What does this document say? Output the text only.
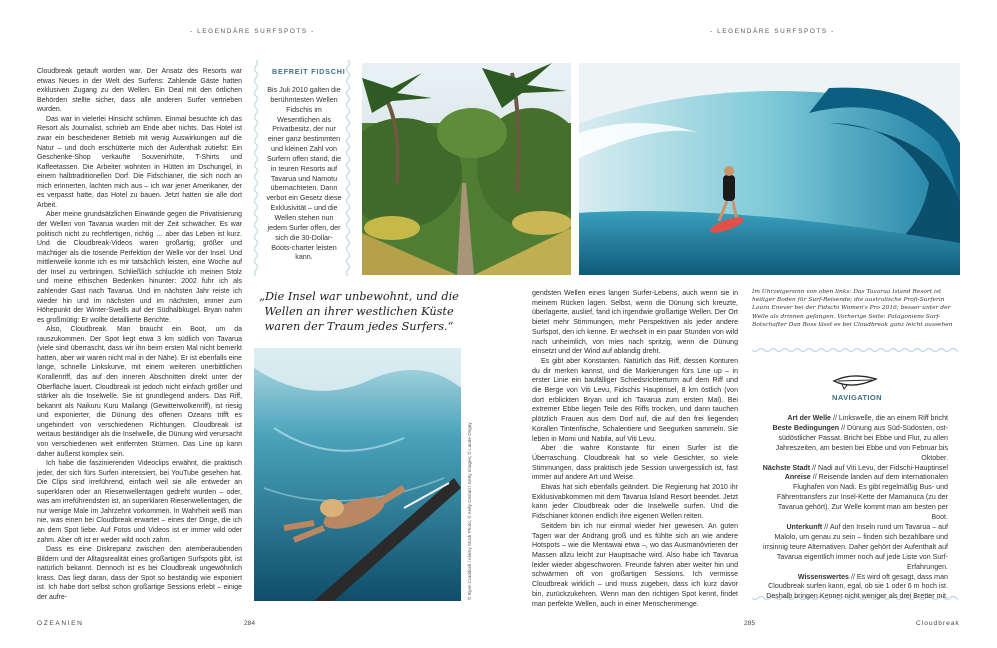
- LEGENDÄRE SURFSPOTS -	- LEGENDÄRE SURFSPOTS -

Cloudbreak getauft worden war. Der Ansatz des Resorts war etwas Neues in der Welt des Surfens: Zahlende Gäste hatten exklusiven Zugang zu den Wellen. Ein Deal mit den örtlichen Behörden stellte sicher, dass alle anderen Surfer vertrieben wurden.

Das war in vielerlei Hinsicht schlimm. Einmal besuchte ich das Resort als Journalist, schrieb am Ende aber nichts. Das Hotel ist zwar ein bescheidener Betrieb mit wenig Auswirkungen auf die Natur – und doch erschütterte mich der Aufenthalt zutiefst: Ein Geschenke-Shop verkaufte Souvenirhüte, T-Shirts und Kaffeetassen. Die Arbeiter wohnten in Hütten im Dschungel, in einem halbtraditionellen Dorf. Die Fidschianer, die sich noch an mich erinnerten, lachten mich aus – ich war jener Amerikaner, der es verpasst hatte, das Hotel zu bauen. Jetzt hatten sie alle dort Arbeit.

Aber meine grundsätzlichen Einwände gegen die Privatisierung der Wellen von Tavarua wurden mit der Zeit schwächer. Es war politisch nicht zu rechtfertigen, richtig … aber das Leben ist kurz. Und die Cloudbreak-Videos waren großartig; größer und mächtiger als die tosende Perfektion der Welle vor der Insel. Und mittlerweile konnte ich es mir tatsächlich leisten, eine Woche auf der Insel zu verbringen. Schließlich schluckte ich meinen Stolz und meine ethischen Bedenken hinunter: 2002 fuhr ich als zahlender Gast nach Tavarua. Und im nächsten Jahr reiste ich wieder hin und im nächsten und im nächsten, immer zum Höhepunkt der Winter-Swells auf der Südhalbkugel. Bryan nahm es großmütig: Er wollte detaillierte Berichte.

Also, Cloudbreak. Man braucht ein Boot, um da rauszukommen. Der Spot liegt etwa 3 km südlich von Tavarua (viele sind überrascht, dass wir ihn beim ersten Mal nicht bemerkt hatten, aber wir waren nicht mal in der Nähe). Er ist ebenfalls eine lange, schnelle Linkskurve, mit einem weiteren unerbittlichen Korallenriff, das auf den inneren Abschnitten direkt unter der Oberfläche lauert. Cloudbreak ist jedoch nicht einfach größer und stärker als die Inselwelle. Sie ist grundlegend anders. Das Riff, bekannt als Naikuru Kuru Mailangi (Gewitterwolkenriff), ist riesig und exponierter, die Dünung des offenen Ozeans trifft es ungehindert von verschiedenen Richtungen. Cloudbreak ist weitaus beständiger als die Inselwelle, die Dünung wird verursacht von verschiedenen weit entfernten Stürmen. Das Line up kann daher äußerst komplex sein.

Ich habe die faszinierenden Videoclips erwähnt, die praktisch jeder, der sich fürs Surfen interessiert, bei YouTube gesehen hat. Die Clips sind irreführend, einfach weil sie alle entweder an superklaren oder an Riesenwellentagen gedreht wurden – oder, was am irreführendsten ist, an superklaren Riesenwellentagen, die nur wenige Male im Jahrzehnt vorkommen. In Wahrheit weiß man nie, was einen bei Cloudbreak erwartet – eines der Dinge, die ich an dem Spot liebe. Auf Fotos und Videos ist er immer wild oder zahm. Aber oft ist er weder wild noch zahm.

Dass es eine Diskrepanz zwischen den atemberaubenden Bildern und der Alltagsrealität eines großartigen Surfspots gibt, ist natürlich bekannt. Dennoch ist es bei Cloudbreak ungewöhnlich krass. Das liegt daran, dass der Spot so beständig wie exponiert ist. Ich habe dort selbst schon großartige Sessions erlebt – einige der aufre-

BEFREIT FIDSCHI
Bis Juli 2010 galten die berühmtesten Wellen Fidschis im Wesentlichen als Privatbesitz, der nur einer ganz bestimmten und kleinen Zahl von Surfern offen stand, die in teuren Resorts auf Tavarua und Namotu übernachteten. Dann verbot ein Gesetz diese Exklusivität – und die Wellen stehen nun jedem Surfer offen, der sich die 30-Dollar-Boots-charter leisten kann.
„Die Insel war unbewohnt, und die Wellen an ihrer westlichen Küste waren der Traum jedes Surfers.“
© Ryan Craddock / Alamy Stock Photo; © Kelly Cestari / Getty Images; © Laurie Ongay

gendsten Wellen eines langen Surfer-Lebens, auch wenn sie in meinem Rücken lagen. Selbst, wenn die Dünung sich kreuzte, überlagerte, auslief, fand ich irgendwie großartige Wellen. Der Ort bietet mehr Stimmungen, mehr Perspektiven als jeder andere Surfspot, den ich kenne. Er wechselt in ein paar Stunden von wild nach unheimlich, von mies nach spritzig, wenn die Dünung einsetzt und der Wind auf ablandig dreht.

Es gibt aber Konstanten. Natürlich das Riff, dessen Konturen du dir merken kannst, und die Markierungen fürs Line up – in erster Linie ein baufälliger Schiedsrichterturm auf dem Riff und die Berge von Viti Levu, Fidschis Hauptinsel, 8 km östlich (von dort erblickten Bryan und ich Tavarua zum ersten Mal). Bei extremer Ebbe liegen Teile des Riffs trocken, und dann tauchen plötzlich Frauen aus dem Dorf auf, die auf den frei liegenden Korallen Tintenfische, Schalentiere und Seegurken sammeln. Sie leben in Momi und Nabila, auf Viti Levu.

Aber die wahre Konstante für einen Surfer ist die Überraschung. Cloudbreak hat so viele Gesichter, so viele Stimmungen, dass praktisch jede Session unvergesslich ist, fast immer auf andere Art und Weise.

Etwas hat sich ebenfalls geändert. Die Regierung hat 2010 ihr Exklusivabkommen mit dem Tavarua Island Resort beendet. Jetzt kann jeder Cloudbreak oder die Inselwelle surfen. Und die Fidschianer können endlich ihre eigenen Wellen reiten.

Seitdem bin ich nur einmal wieder hier gewesen. An guten Tagen war der Andrang groß und es fühlte sich an wie andere Hotspots – wie die Mentawai etwa –, wo das Ausmanövrieren der Massen allzu leicht zur Hauptsache wird. Also habe ich Tavarua leider wieder abgeschworen. Freunde fahren aber weiter hin und schwärmen oft von großartigen Sessions. Ich vermisse Cloudbreak wirklich – und muss zugeben, dass ich kurz davor bin, zurückzukehren. Wenn man den richtigen Spot kennt, findet man perfekte Wellen, auch in einer Menschenmenge.

Im Uhrzeigersinn von oben links: Das Tavarua Island Resort ist heiliger Boden für Surf-Reisende; die australische Profi-Surferin Laura Enever bei der Fidschi Women's Pro 2016; besser unter der Welle als drinnen gefangen. Vorherige Seite: Patagoniens Surf-Botschafter Dan Ross lässt es bei Cloudbreak ganz leicht aussehen
NAVIGATION
Art der Welle // Linkswelle, die an einem Riff bricht
Beste Bedingungen // Dünung aus Süd-Südosten, ost-südöstlicher Passat. Bricht bei Ebbe und Flut, zu allen Jahreszeiten, am besten bei Ebbe und von Februar bis Oktober.
Nächste Stadt // Nadi auf Viti Levu, der Fidschi-Hauptinsel
Anreise // Reisende landen auf dem internationalen Flughafen von Nadi. Es gibt regelmäßig Bus- und Fährentransfers zur Insel-Kette der Mamanuca (zu der Tavarua gehört). Zur Welle kommt man am besten per Boot.
Unterkunft // Auf den Inseln rund um Tavarua – auf Malolo, um genau zu sein – finden sich bezahlbare und irrsinnig teure Alternativen. Daher gehört der Aufenthalt auf Tavarua eigentlich immer noch auf jede Liste von Surf-Erfahrungen.
Wissenswertes // Es wird oft gesagt, dass man Cloudbreak surfen kann, egal, ob sie 1 oder 6 m hoch ist. Deshalb bringen Kenner nicht weniger als drei Bretter mit.
OZEANIEN	284	285	Cloudbreak
